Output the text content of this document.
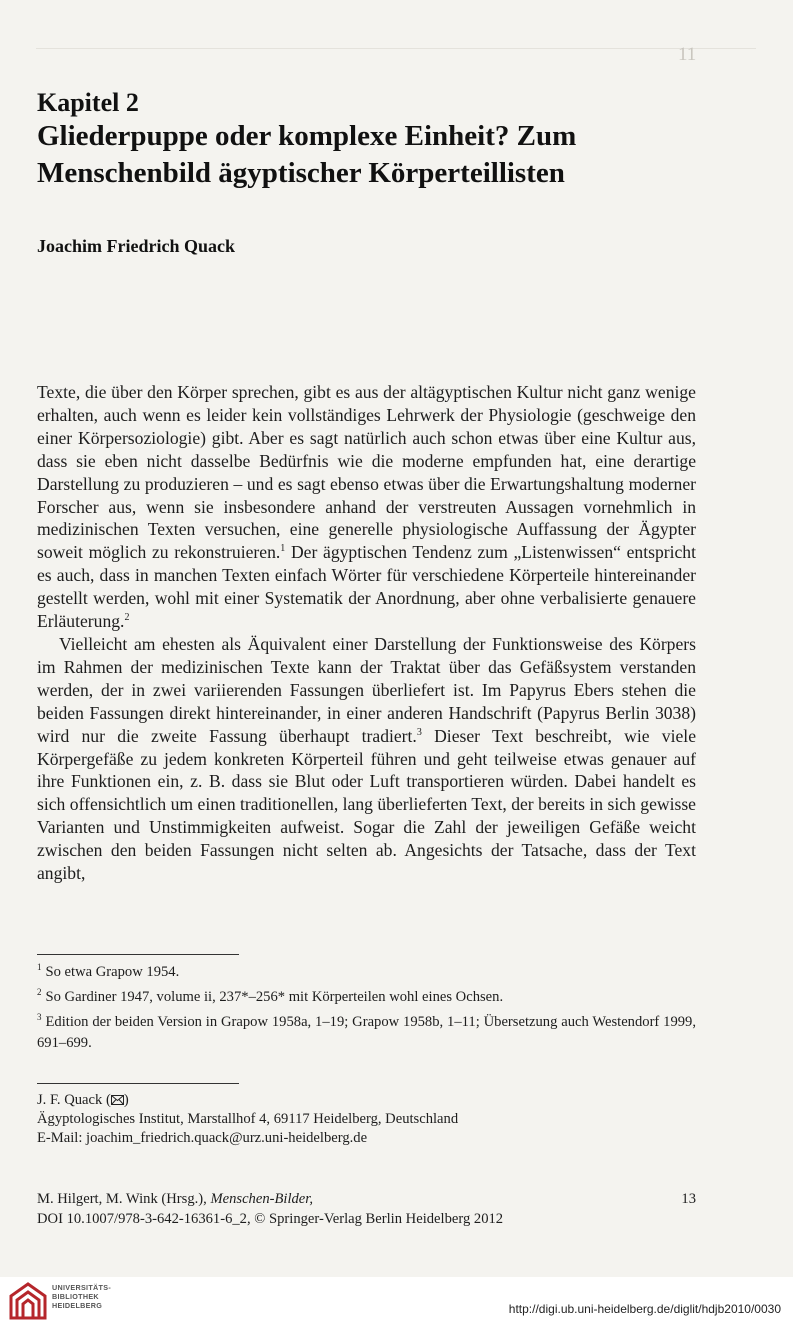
11
Kapitel 2
Gliederpuppe oder komplexe Einheit? Zum Menschenbild ägyptischer Körperteillisten
Joachim Friedrich Quack

Texte, die über den Körper sprechen, gibt es aus der altägyptischen Kultur nicht ganz wenige erhalten, auch wenn es leider kein vollständiges Lehrwerk der Physiologie (geschweige den einer Körpersoziologie) gibt. Aber es sagt natürlich auch schon etwas über eine Kultur aus, dass sie eben nicht dasselbe Bedürfnis wie die moderne empfunden hat, eine derartige Darstellung zu produzieren – und es sagt ebenso etwas über die Erwartungshaltung moderner Forscher aus, wenn sie insbesondere anhand der verstreuten Aussagen vornehmlich in medizinischen Texten versuchen, eine generelle physiologische Auffassung der Ägypter soweit möglich zu rekonstruieren.$^1$ Der ägyptischen Tendenz zum „Listenwissen“ entspricht es auch, dass in manchen Texten einfach Wörter für verschiedene Körperteile hintereinander gestellt werden, wohl mit einer Systematik der Anordnung, aber ohne verbalisierte genauere Erläuterung.$^2$

Vielleicht am ehesten als Äquivalent einer Darstellung der Funktionsweise des Körpers im Rahmen der medizinischen Texte kann der Traktat über das Gefäßsystem verstanden werden, der in zwei variierenden Fassungen überliefert ist. Im Papyrus Ebers stehen die beiden Fassungen direkt hintereinander, in einer anderen Handschrift (Papyrus Berlin 3038) wird nur die zweite Fassung überhaupt tradiert.$^3$ Dieser Text beschreibt, wie viele Körpergefäße zu jedem konkreten Körperteil führen und geht teilweise etwas genauer auf ihre Funktionen ein, z. B. dass sie Blut oder Luft transportieren würden. Dabei handelt es sich offensichtlich um einen traditionellen, lang überlieferten Text, der bereits in sich gewisse Varianten und Unstimmigkeiten aufweist. Sogar die Zahl der jeweiligen Gefäße weicht zwischen den beiden Fassungen nicht selten ab. Angesichts der Tatsache, dass der Text angibt,

$^1$ So etwa Grapow 1954.
$^2$ So Gardiner 1947, volume ii, 237*–256* mit Körperteilen wohl eines Ochsen.
$^3$ Edition der beiden Version in Grapow 1958a, 1–19; Grapow 1958b, 1–11; Übersetzung auch Westendorf 1999, 691–699.
J. F. Quack ( )
Ägyptologisches Institut, Marstallhof 4, 69117 Heidelberg, Deutschland
E-Mail: joachim_friedrich.quack@urz.uni-heidelberg.de
M. Hilgert, M. Wink (Hrsg.), Menschen-Bilder,
DOI 10.1007/978-3-642-16361-6_2, © Springer-Verlag Berlin Heidelberg 2012
13
UNIVERSITÄTS-
BIBLIOTHEK
HEIDELBERG	http://digi.ub.uni-heidelberg.de/diglit/hdjb2010/0030
